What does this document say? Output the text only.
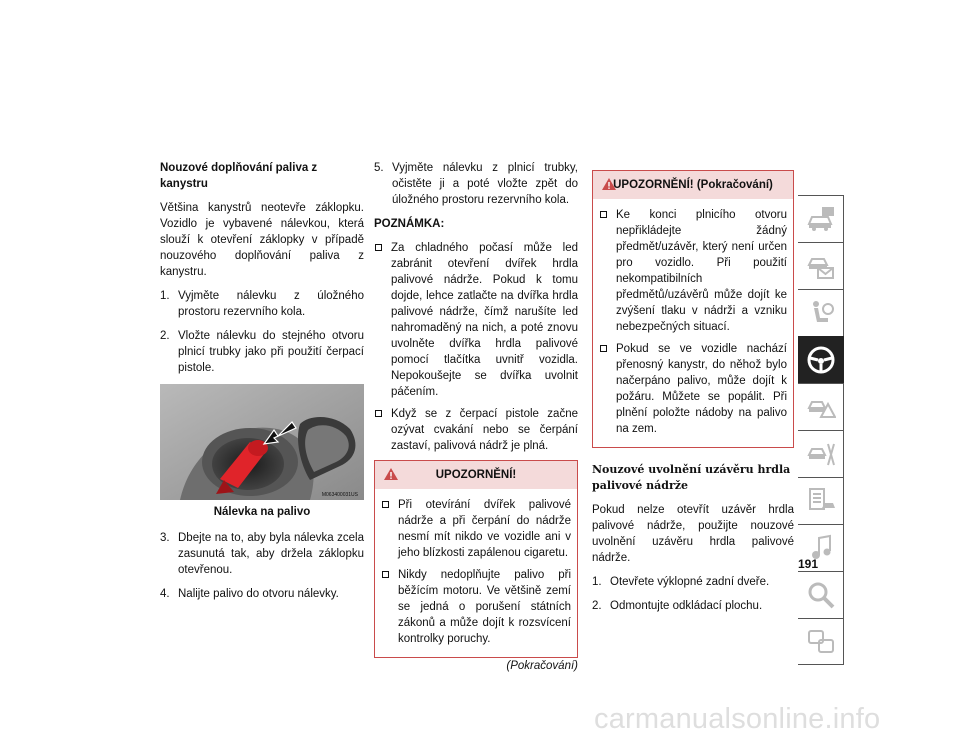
Nouzové doplňování paliva z kanystru

Většina kanystrů neotevře záklopku. Vozidlo je vybavené nálevkou, která slouží k otevření záklopky v případě nouzového doplňování paliva z kanystru.

1. Vyjměte nálevku z úložného prostoru rezervního kola.
2. Vložte nálevku do stejného otvoru plnicí trubky jako při použití čerpací pistole.
M063400031US
Nálevka na palivo
3. Dbejte na to, aby byla nálevka zcela zasunutá tak, aby držela záklopku otevřenou.
4. Nalijte palivo do otvoru nálevky.
5. Vyjměte nálevku z plnicí trubky, očistěte ji a poté vložte zpět do úložného prostoru rezervního kola.
POZNÁMKA:
Za chladného počasí může led zabránit otevření dvířek hrdla palivové nádrže. Pokud k tomu dojde, lehce zatlačte na dvířka hrdla palivové nádrže, čímž narušíte led nahromaděný na nich, a poté znovu uvolněte dvířka hrdla palivové pomocí tlačítka uvnitř vozidla. Nepokoušejte se dvířka uvolnit páčením.
Když se z čerpací pistole začne ozývat cvakání nebo se čerpání zastaví, palivová nádrž je plná.
UPOZORNĚNÍ!
Při otevírání dvířek palivové nádrže a při čerpání do nádrže nesmí mít nikdo ve vozidle ani v jeho blízkosti zapálenou cigaretu.
Nikdy nedoplňujte palivo při běžícím motoru. Ve většině zemí se jedná o porušení státních zákonů a může dojít k rozsvícení kontrolky poruchy.
(Pokračování)
UPOZORNĚNÍ! (Pokračování)
Ke konci plnicího otvoru nepřikládejte žádný předmět/uzávěr, který není určen pro vozidlo. Při použití nekompatibilních předmětů/uzávěrů může dojít ke zvýšení tlaku v nádrži a vzniku nebezpečných situací.
Pokud se ve vozidle nachází přenosný kanystr, do něhož bylo načerpáno palivo, může dojít k požáru. Můžete se popálit. Při plnění položte nádoby na palivo na zem.
Nouzové uvolnění uzávěru hrdla palivové nádrže

Pokud nelze otevřít uzávěr hrdla palivové nádrže, použijte nouzové uvolnění uzávěru hrdla palivové nádrže.

1. Otevřete výklopné zadní dveře.
2. Odmontujte odkládací plochu.
191
carmanualsonline.info
